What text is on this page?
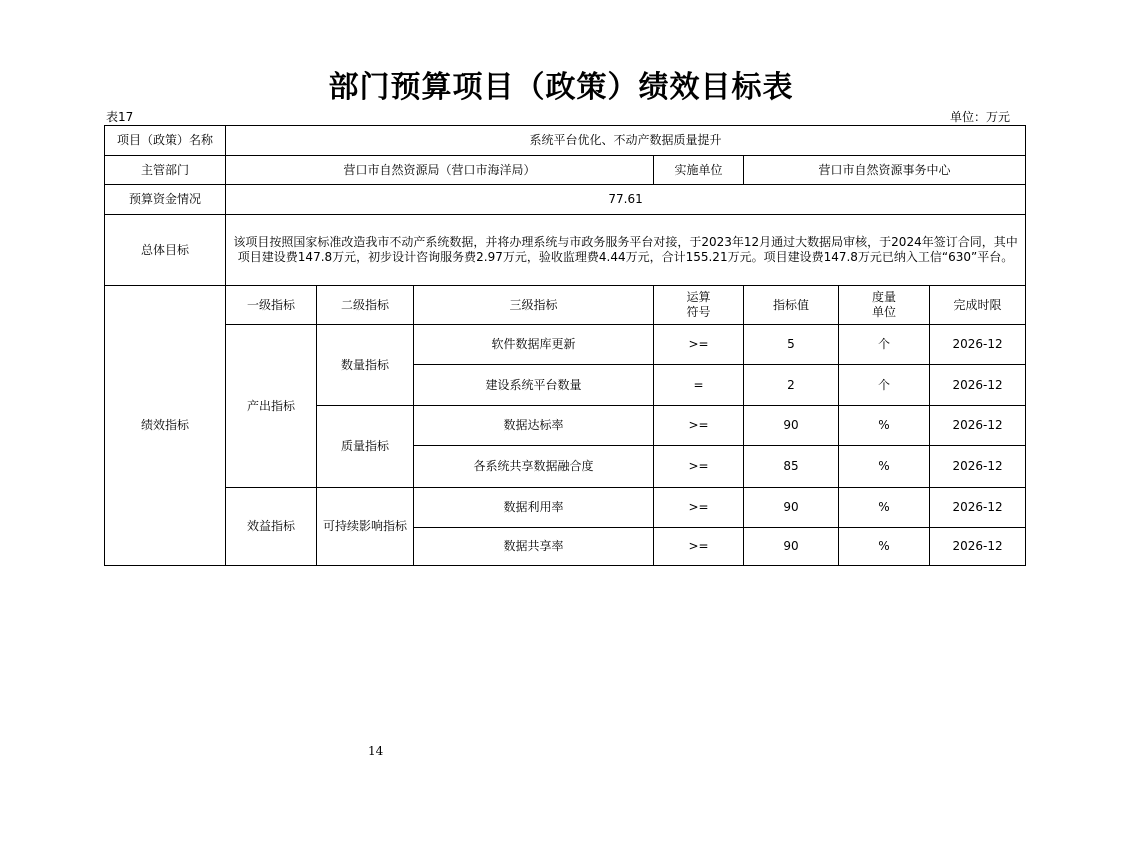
部门预算项目（政策）绩效目标表
表17	单位：万元
项目（政策）名称	系统平台优化、不动产数据质量提升						
主管部门	营口市自然资源局（营口市海洋局）			实施单位	营口市自然资源事务中心		
预算资金情况	77.61						
总体目标	该项目按照国家标准改造我市不动产系统数据，并将办理系统与市政务服务平台对接，于2023年12月通过大数据局审核，于2024年签订合同，其中项目建设费147.8万元，初步设计咨询服务费2.97万元，验收监理费4.44万元，合计155.21万元。项目建设费147.8万元已纳入工信“630”平台。						
绩效指标	一级指标	二级指标	三级指标	运算符号	指标值	度量单位	完成时限
	产出指标	数量指标	软件数据库更新	>=	5	个	2026-12
			建设系统平台数量	=	2	个	2026-12
		质量指标	数据达标率	>=	90	%	2026-12
			各系统共享数据融合度	>=	85	%	2026-12
	效益指标	可持续影响指标	数据利用率	>=	90	%	2026-12
			数据共享率	>=	90	%	2026-12
14
